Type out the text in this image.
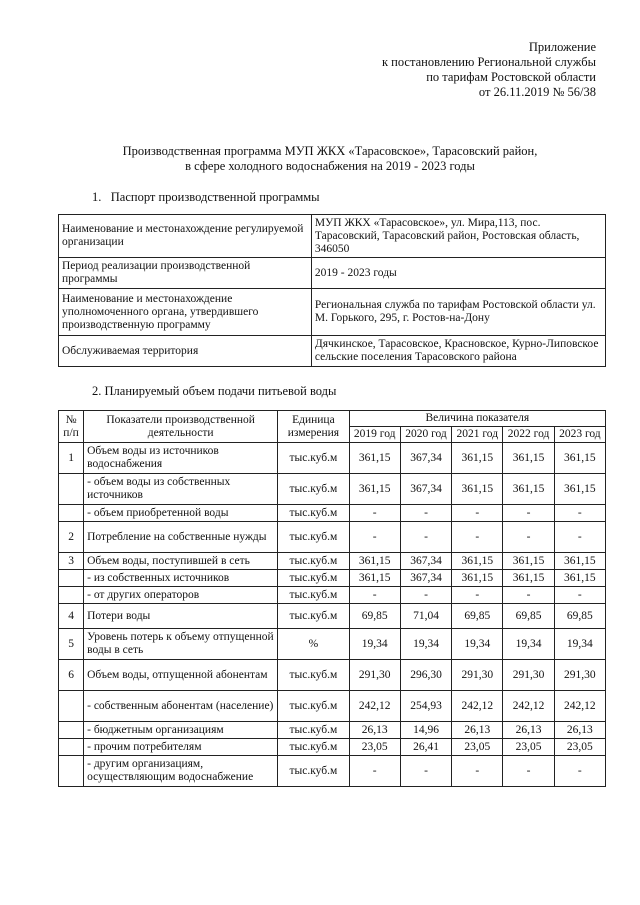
Приложение
к постановлению Региональной службы
по тарифам Ростовской области
от 26.11.2019 № 56/38
Производственная программа МУП ЖКХ «Тарасовское», Тарасовский район,
в сфере холодного водоснабжения на 2019 - 2023 годы
1.   Паспорт производственной программы
Наименование и местонахождение регулируемой организации	МУП ЖКХ «Тарасовское», ул. Мира,113, пос. Тарасовский, Тарасовский район, Ростовская область, 346050
Период реализации производственной программы	2019 - 2023 годы
Наименование и местонахождение уполномоченного органа, утвердившего производственную программу	Региональная служба по тарифам Ростовской области ул. М. Горького, 295, г. Ростов-на-Дону
Обслуживаемая территория	Дячкинское, Тарасовское, Красновское, Курно-Липовское сельские поселения Тарасовского района
2. Планируемый объем подачи питьевой воды
№ п/п	Показатели производственной деятельности	Единица измерения	Величина показателя				
			2019 год	2020 год	2021 год	2022 год	2023 год
1	Объем воды из источников водоснабжения	тыс.куб.м	361,15	367,34	361,15	361,15	361,15
	- объем воды из собственных источников	тыс.куб.м	361,15	367,34	361,15	361,15	361,15
	- объем приобретенной воды	тыс.куб.м	-	-	-	-	-
2	Потребление на собственные нужды	тыс.куб.м	-	-	-	-	-
3	Объем воды, поступившей в сеть	тыс.куб.м	361,15	367,34	361,15	361,15	361,15
	- из собственных источников	тыс.куб.м	361,15	367,34	361,15	361,15	361,15
	- от других операторов	тыс.куб.м	-	-	-	-	-
4	Потери воды	тыс.куб.м	69,85	71,04	69,85	69,85	69,85
5	Уровень потерь к объему отпущенной воды в сеть	%	19,34	19,34	19,34	19,34	19,34
6	Объем воды, отпущенной абонентам	тыс.куб.м	291,30	296,30	291,30	291,30	291,30
	- собственным абонентам (население)	тыс.куб.м	242,12	254,93	242,12	242,12	242,12
	- бюджетным организациям	тыс.куб.м	26,13	14,96	26,13	26,13	26,13
	- прочим потребителям	тыс.куб.м	23,05	26,41	23,05	23,05	23,05
	- другим организациям, осуществляющим водоснабжение	тыс.куб.м	-	-	-	-	-
